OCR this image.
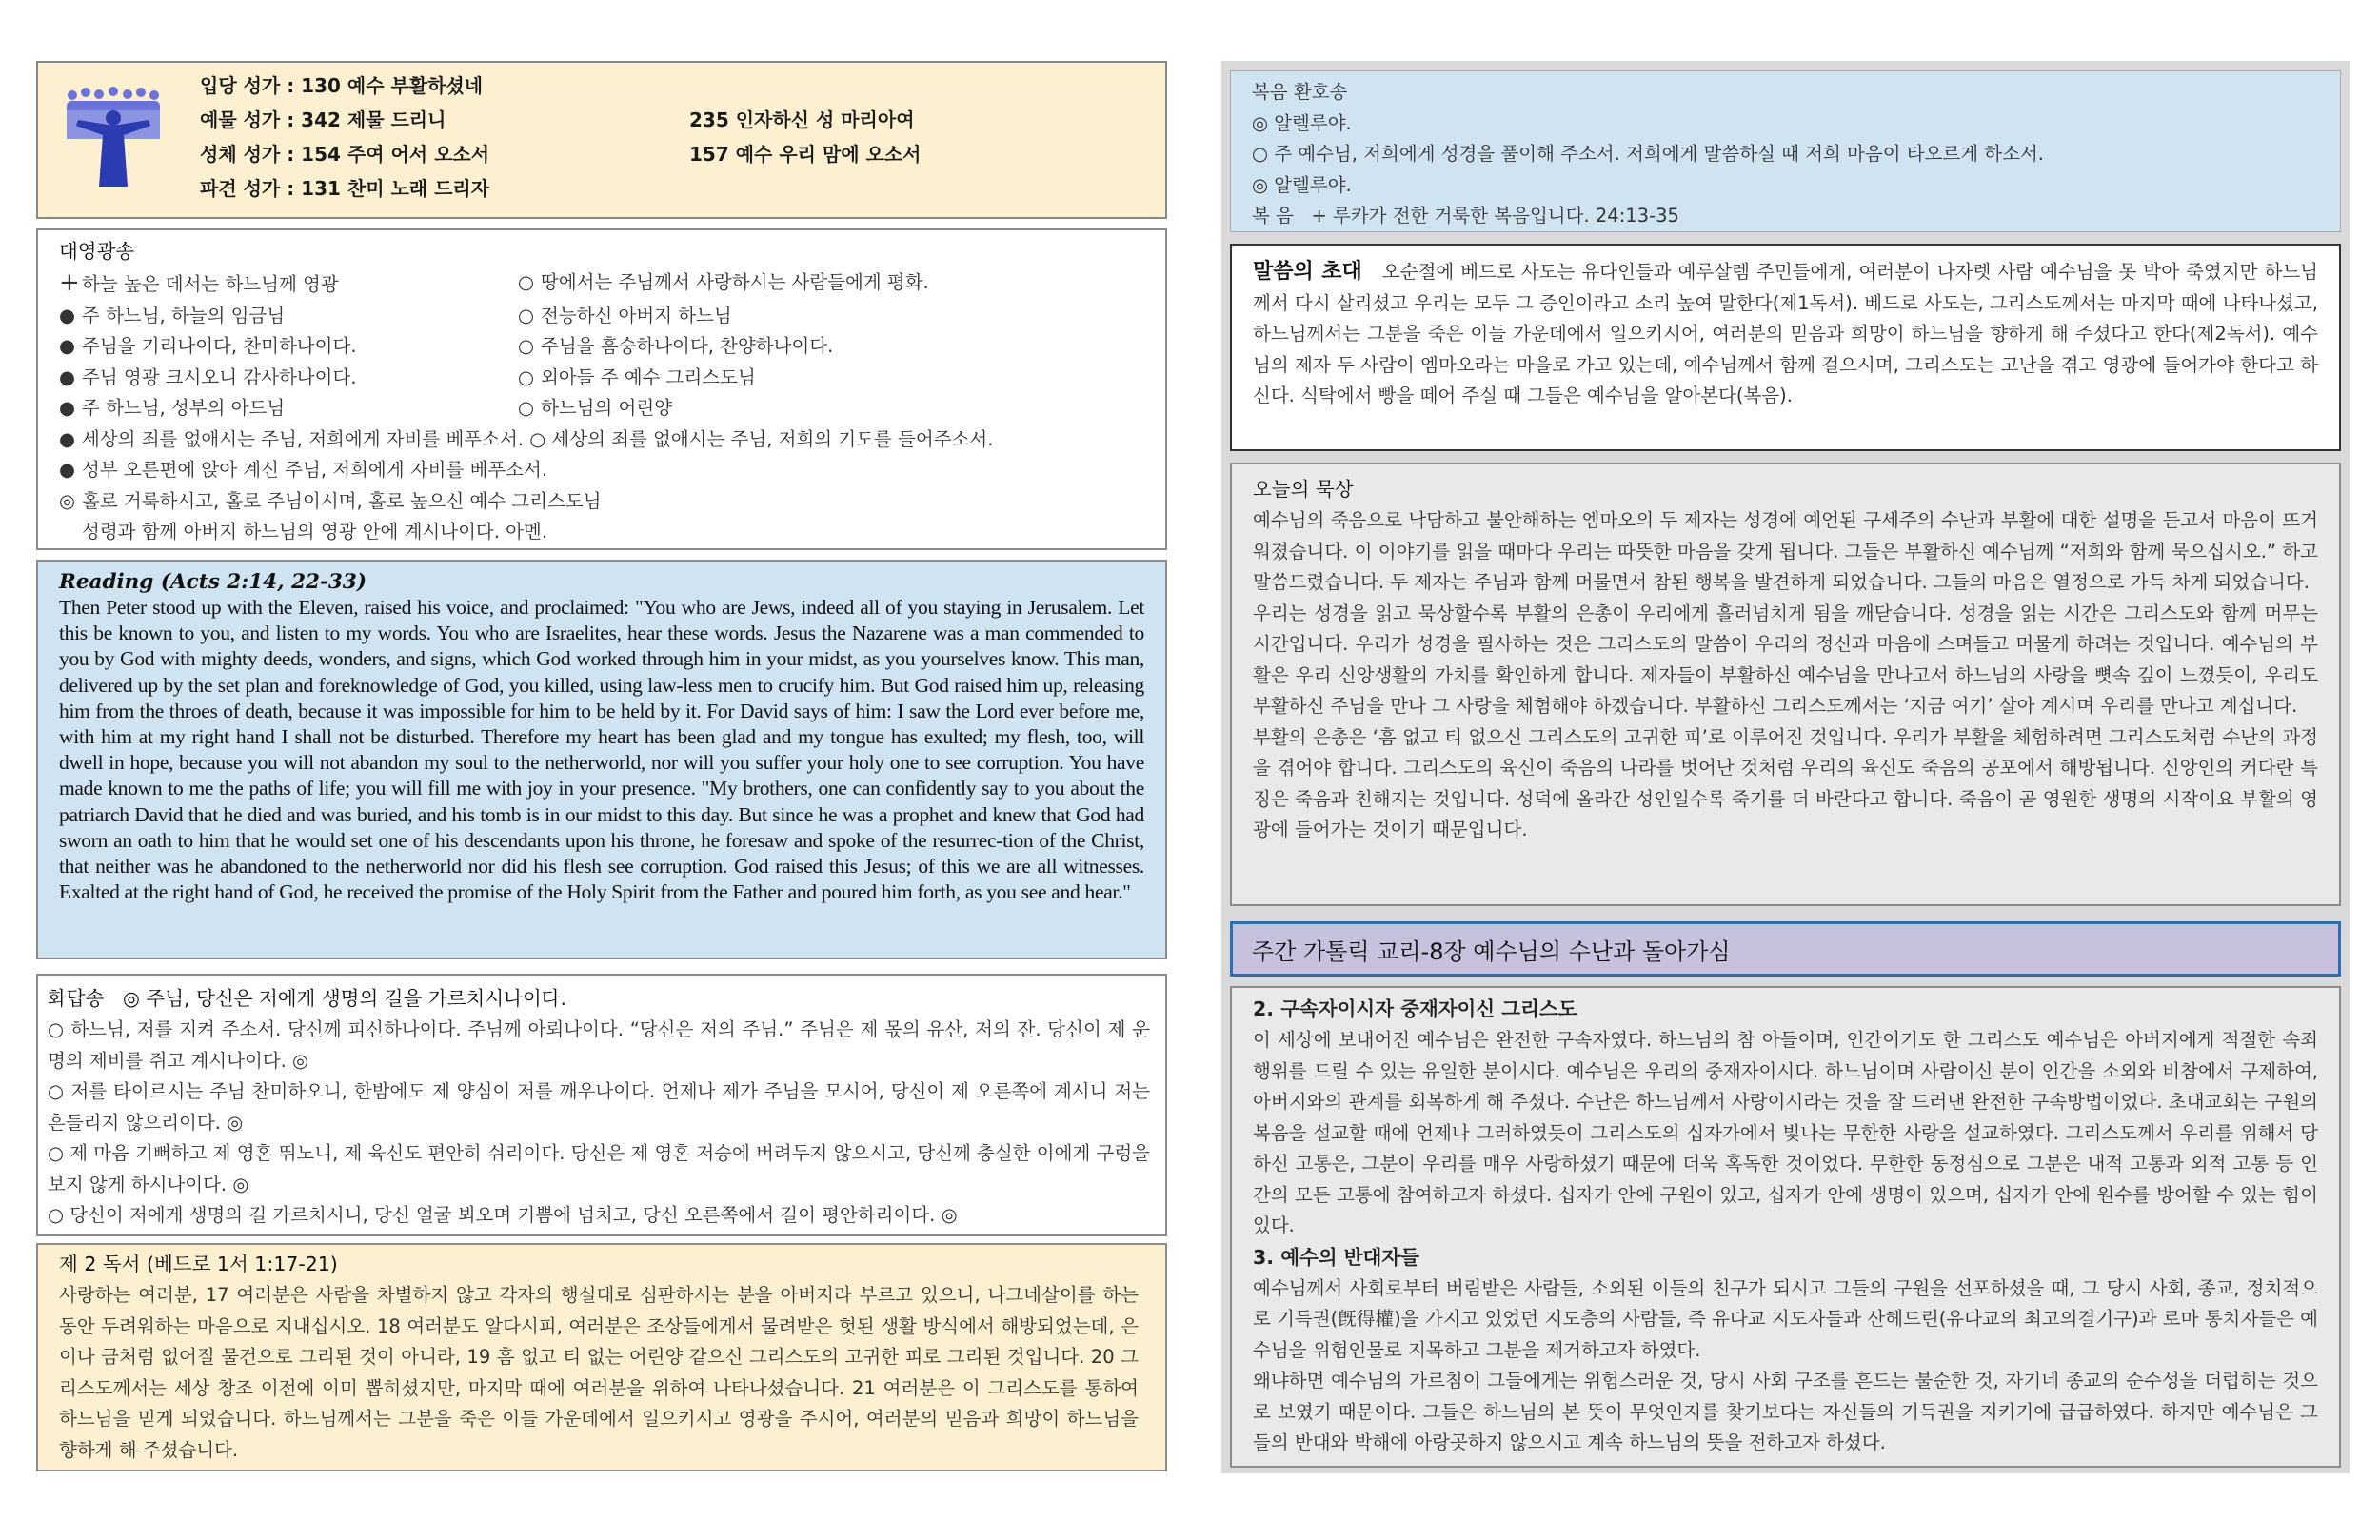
입당 성가 : 130 예수 부활하셨네
예물 성가 : 342 제물 드리니	235 인자하신 성 마리아여
성체 성가 : 154 주여 어서 오소서	157 예수 우리 맘에 오소서
파견 성가 : 131 찬미 노래 드리자

대영광송

+ 하늘 높은 데서는 하느님께 영광	○ 땅에서는 주님께서 사랑하시는 사람들에게 평화.
● 주 하느님, 하늘의 임금님	○ 전능하신 아버지 하느님
● 주님을 기리나이다, 찬미하나이다.	○ 주님을 흠숭하나이다, 찬양하나이다.
● 주님 영광 크시오니 감사하나이다.	○ 외아들 주 예수 그리스도님
● 주 하느님, 성부의 아드님	○ 하느님의 어린양
● 세상의 죄를 없애시는 주님, 저희에게 자비를 베푸소서. ○ 세상의 죄를 없애시는 주님, 저희의 기도를 들어주소서.
● 성부 오른편에 앉아 계신 주님, 저희에게 자비를 베푸소서.
◎ 홀로 거룩하시고, 홀로 주님이시며, 홀로 높으신 예수 그리스도님
성령과 함께 아버지 하느님의 영광 안에 계시나이다. 아멘.

Reading (Acts 2:14, 22-33)

Then Peter stood up with the Eleven, raised his voice, and proclaimed: "You who are Jews, indeed all of you staying in Jerusalem. Let this be known to you, and listen to my words. You who are Israelites, hear these words. Jesus the Nazarene was a man commended to you by God with mighty deeds, wonders, and signs, which God worked through him in your midst, as you yourselves know. This man, delivered up by the set plan and foreknowledge of God, you killed, using law-less men to crucify him. But God raised him up, releasing him from the throes of death, because it was impossible for him to be held by it. For David says of him: I saw the Lord ever before me, with him at my right hand I shall not be disturbed. Therefore my heart has been glad and my tongue has exulted; my flesh, too, will dwell in hope, because you will not abandon my soul to the netherworld, nor will you suffer your holy one to see corruption. You have made known to me the paths of life; you will fill me with joy in your presence. "My brothers, one can confidently say to you about the patriarch David that he died and was buried, and his tomb is in our midst to this day. But since he was a prophet and knew that God had sworn an oath to him that he would set one of his descendants upon his throne, he foresaw and spoke of the resurrec-tion of the Christ, that neither was he abandoned to the netherworld nor did his flesh see corruption. God raised this Jesus; of this we are all witnesses. Exalted at the right hand of God, he received the promise of the Holy Spirit from the Father and poured him forth, as you see and hear."

화답송 ◎ 주님, 당신은 저에게 생명의 길을 가르치시나이다.

○ 하느님, 저를 지켜 주소서. 당신께 피신하나이다. 주님께 아뢰나이다. “당신은 저의 주님.” 주님은 제 몫의 유산, 저의 잔. 당신이 제 운명의 제비를 쥐고 계시나이다. ◎

○ 저를 타이르시는 주님 찬미하오니, 한밤에도 제 양심이 저를 깨우나이다. 언제나 제가 주님을 모시어, 당신이 제 오른쪽에 계시니 저는 흔들리지 않으리이다. ◎

○ 제 마음 기뻐하고 제 영혼 뛰노니, 제 육신도 편안히 쉬리이다. 당신은 제 영혼 저승에 버려두지 않으시고, 당신께 충실한 이에게 구렁을 보지 않게 하시나이다. ◎

○ 당신이 저에게 생명의 길 가르치시니, 당신 얼굴 뵈오며 기쁨에 넘치고, 당신 오른쪽에서 길이 평안하리이다. ◎

제 2 독서 (베드로 1서 1:17-21)

사랑하는 여러분, 17 여러분은 사람을 차별하지 않고 각자의 행실대로 심판하시는 분을 아버지라 부르고 있으니, 나그네살이를 하는 동안 두려워하는 마음으로 지내십시오. 18 여러분도 알다시피, 여러분은 조상들에게서 물려받은 헛된 생활 방식에서 해방되었는데, 은이나 금처럼 없어질 물건으로 그리된 것이 아니라, 19 흠 없고 티 없는 어린양 같으신 그리스도의 고귀한 피로 그리된 것입니다. 20 그리스도께서는 세상 창조 이전에 이미 뽑히셨지만, 마지막 때에 여러분을 위하여 나타나셨습니다. 21 여러분은 이 그리스도를 통하여 하느님을 믿게 되었습니다. 하느님께서는 그분을 죽은 이들 가운데에서 일으키시고 영광을 주시어, 여러분의 믿음과 희망이 하느님을 향하게 해 주셨습니다.

복음 환호송

◎ 알렐루야.

○ 주 예수님, 저희에게 성경을 풀이해 주소서. 저희에게 말씀하실 때 저희 마음이 타오르게 하소서.

◎ 알렐루야.

복 음   + 루카가 전한 거룩한 복음입니다. 24:13-35

말씀의 초대 오순절에 베드로 사도는 유다인들과 예루살렘 주민들에게, 여러분이 나자렛 사람 예수님을 못 박아 죽였지만 하느님께서 다시 살리셨고 우리는 모두 그 증인이라고 소리 높여 말한다(제1독서). 베드로 사도는, 그리스도께서는 마지막 때에 나타나셨고, 하느님께서는 그분을 죽은 이들 가운데에서 일으키시어, 여러분의 믿음과 희망이 하느님을 향하게 해 주셨다고 한다(제2독서). 예수님의 제자 두 사람이 엠마오라는 마을로 가고 있는데, 예수님께서 함께 걸으시며, 그리스도는 고난을 겪고 영광에 들어가야 한다고 하신다. 식탁에서 빵을 떼어 주실 때 그들은 예수님을 알아본다(복음).

오늘의 묵상

예수님의 죽음으로 낙담하고 불안해하는 엠마오의 두 제자는 성경에 예언된 구세주의 수난과 부활에 대한 설명을 듣고서 마음이 뜨거워졌습니다. 이 이야기를 읽을 때마다 우리는 따뜻한 마음을 갖게 됩니다. 그들은 부활하신 예수님께 “저희와 함께 묵으십시오.” 하고 말씀드렸습니다. 두 제자는 주님과 함께 머물면서 참된 행복을 발견하게 되었습니다. 그들의 마음은 열정으로 가득 차게 되었습니다.

우리는 성경을 읽고 묵상할수록 부활의 은총이 우리에게 흘러넘치게 됨을 깨닫습니다. 성경을 읽는 시간은 그리스도와 함께 머무는 시간입니다. 우리가 성경을 필사하는 것은 그리스도의 말씀이 우리의 정신과 마음에 스며들고 머물게 하려는 것입니다. 예수님의 부활은 우리 신앙생활의 가치를 확인하게 합니다. 제자들이 부활하신 예수님을 만나고서 하느님의 사랑을 뼛속 깊이 느꼈듯이, 우리도 부활하신 주님을 만나 그 사랑을 체험해야 하겠습니다. 부활하신 그리스도께서는 ‘지금 여기’ 살아 계시며 우리를 만나고 계십니다.

부활의 은총은 ‘흠 없고 티 없으신 그리스도의 고귀한 피’로 이루어진 것입니다. 우리가 부활을 체험하려면 그리스도처럼 수난의 과정을 겪어야 합니다. 그리스도의 육신이 죽음의 나라를 벗어난 것처럼 우리의 육신도 죽음의 공포에서 해방됩니다. 신앙인의 커다란 특징은 죽음과 친해지는 것입니다. 성덕에 올라간 성인일수록 죽기를 더 바란다고 합니다. 죽음이 곧 영원한 생명의 시작이요 부활의 영광에 들어가는 것이기 때문입니다.

주간 가톨릭 교리-8장 예수님의 수난과 돌아가심

2. 구속자이시자 중재자이신 그리스도

이 세상에 보내어진 예수님은 완전한 구속자였다. 하느님의 참 아들이며, 인간이기도 한 그리스도 예수님은 아버지에게 적절한 속죄행위를 드릴 수 있는 유일한 분이시다. 예수님은 우리의 중재자이시다. 하느님이며 사람이신 분이 인간을 소외와 비참에서 구제하여, 아버지와의 관계를 회복하게 해 주셨다. 수난은 하느님께서 사랑이시라는 것을 잘 드러낸 완전한 구속방법이었다. 초대교회는 구원의 복음을 설교할 때에 언제나 그러하였듯이 그리스도의 십자가에서 빛나는 무한한 사랑을 설교하였다. 그리스도께서 우리를 위해서 당하신 고통은, 그분이 우리를 매우 사랑하셨기 때문에 더욱 혹독한 것이었다. 무한한 동정심으로 그분은 내적 고통과 외적 고통 등 인간의 모든 고통에 참여하고자 하셨다. 십자가 안에 구원이 있고, 십자가 안에 생명이 있으며, 십자가 안에 원수를 방어할 수 있는 힘이 있다.

3. 예수의 반대자들

예수님께서 사회로부터 버림받은 사람들, 소외된 이들의 친구가 되시고 그들의 구원을 선포하셨을 때, 그 당시 사회, 종교, 정치적으로 기득권(旣得權)을 가지고 있었던 지도층의 사람들, 즉 유다교 지도자들과 산헤드린(유다교의 최고의결기구)과 로마 통치자들은 예수님을 위험인물로 지목하고 그분을 제거하고자 하였다.

왜냐하면 예수님의 가르침이 그들에게는 위험스러운 것, 당시 사회 구조를 흔드는 불순한 것, 자기네 종교의 순수성을 더럽히는 것으로 보였기 때문이다. 그들은 하느님의 본 뜻이 무엇인지를 찾기보다는 자신들의 기득권을 지키기에 급급하였다. 하지만 예수님은 그들의 반대와 박해에 아랑곳하지 않으시고 계속 하느님의 뜻을 전하고자 하셨다.
